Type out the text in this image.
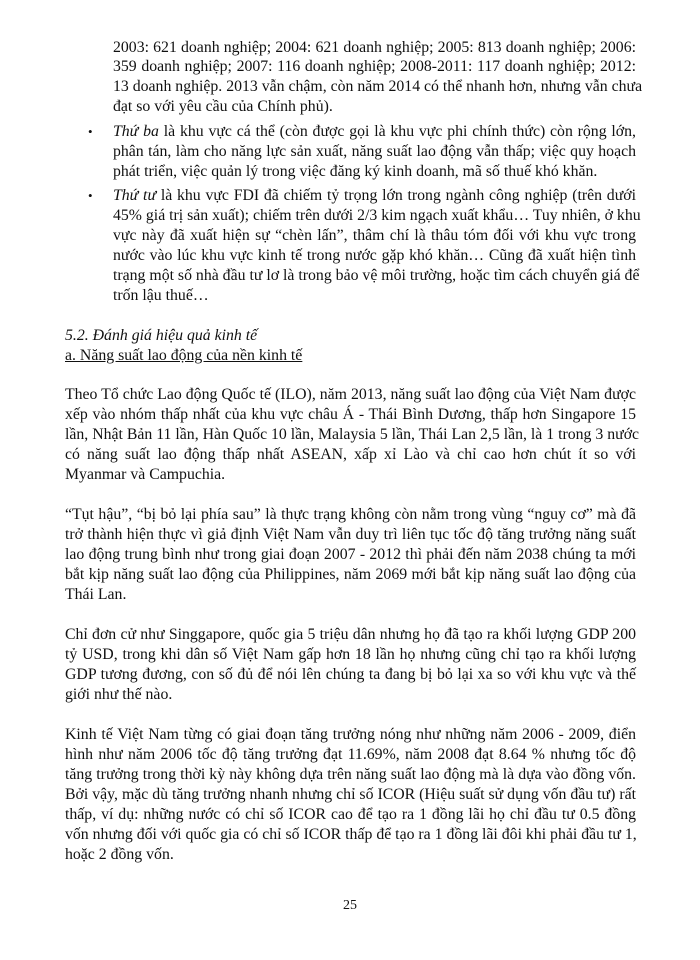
2003: 621 doanh nghiệp; 2004: 621 doanh nghiệp; 2005: 813 doanh nghiệp; 2006:
359 doanh nghiệp; 2007: 116 doanh nghiệp; 2008-2011: 117 doanh nghiệp; 2012:
13 doanh nghiệp. 2013 vẫn chậm, còn năm 2014 có thể nhanh hơn, nhưng vẫn chưa
đạt so với yêu cầu của Chính phủ).
• Thứ ba là khu vực cá thể (còn được gọi là khu vực phi chính thức) còn rộng lớn,
phân tán, làm cho năng lực sản xuất, năng suất lao động vẫn thấp; việc quy hoạch
phát triển, việc quản lý trong việc đăng ký kinh doanh, mã số thuế khó khăn.
• Thứ tư là khu vực FDI đã chiếm tỷ trọng lớn trong ngành công nghiệp (trên dưới
45% giá trị sản xuất); chiếm trên dưới 2/3 kim ngạch xuất khẩu… Tuy nhiên, ở khu
vực này đã xuất hiện sự “chèn lấn”, thâm chí là thâu tóm đối với khu vực trong
nước vào lúc khu vực kinh tế trong nước gặp khó khăn… Cũng đã xuất hiện tình
trạng một số nhà đầu tư lơ là trong bảo vệ môi trường, hoặc tìm cách chuyển giá để
trốn lậu thuế…
5.2. Đánh giá hiệu quả kinh tế
a. Năng suất lao động của nền kinh tế
Theo Tổ chức Lao động Quốc tế (ILO), năm 2013, năng suất lao động của Việt Nam được
xếp vào nhóm thấp nhất của khu vực châu Á - Thái Bình Dương, thấp hơn Singapore 15
lần, Nhật Bản 11 lần, Hàn Quốc 10 lần, Malaysia 5 lần, Thái Lan 2,5 lần, là 1 trong 3 nước
có năng suất lao động thấp nhất ASEAN, xấp xỉ Lào và chỉ cao hơn chút ít so với
Myanmar và Campuchia.
“Tụt hậu”, “bị bỏ lại phía sau” là thực trạng không còn nằm trong vùng “nguy cơ” mà đã
trở thành hiện thực vì giả định Việt Nam vẫn duy trì liên tục tốc độ tăng trưởng năng suất
lao động trung bình như trong giai đoạn 2007 - 2012 thì phải đến năm 2038 chúng ta mới
bắt kịp năng suất lao động của Philippines, năm 2069 mới bắt kịp năng suất lao động của
Thái Lan.
Chỉ đơn cử như Singgapore, quốc gia 5 triệu dân nhưng họ đã tạo ra khối lượng GDP 200
tỷ USD, trong khi dân số Việt Nam gấp hơn 18 lần họ nhưng cũng chỉ tạo ra khối lượng
GDP tương đương, con số đủ để nói lên chúng ta đang bị bỏ lại xa so với khu vực và thế
giới như thế nào.
Kinh tế Việt Nam từng có giai đoạn tăng trưởng nóng như những năm 2006 - 2009, điển
hình như năm 2006 tốc độ tăng trưởng đạt 11.69%, năm 2008 đạt 8.64 % nhưng tốc độ
tăng trưởng trong thời kỳ này không dựa trên năng suất lao động mà là dựa vào đồng vốn.
Bởi vậy, mặc dù tăng trưởng nhanh nhưng chỉ số ICOR (Hiệu suất sử dụng vốn đầu tư) rất
thấp, ví dụ: những nước có chỉ số ICOR cao để tạo ra 1 đồng lãi họ chỉ đầu tư 0.5 đồng
vốn nhưng đối với quốc gia có chỉ số ICOR thấp để tạo ra 1 đồng lãi đôi khi phải đầu tư 1,
hoặc 2 đồng vốn.
25
